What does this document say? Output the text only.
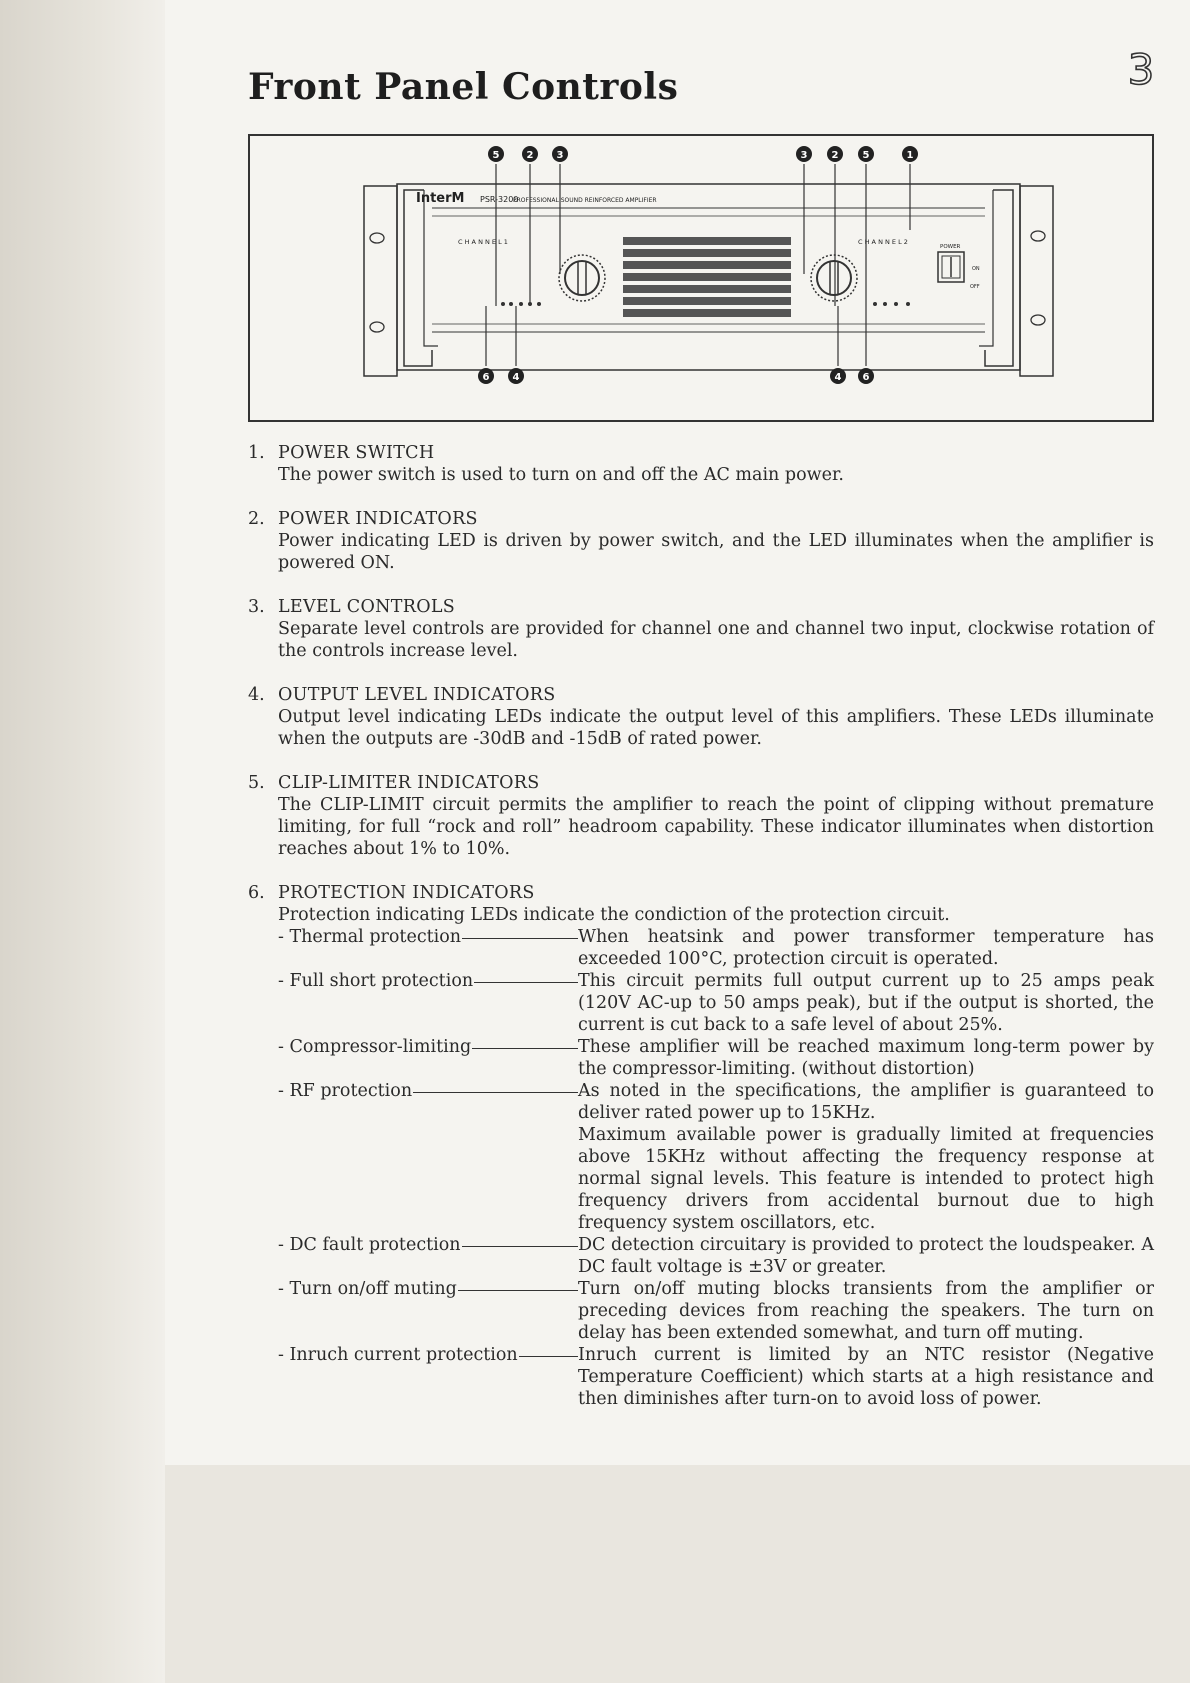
Front Panel Controls	3
InterM PSR-3200
PROFESSIONAL SOUND REINFORCED AMPLIFIER
C H A N N E L 1	C H A N N E L 2
POWER
ON
OFF
5	2 3	3 2 5	1
6 4	4 6
1. POWER SWITCH
The power switch is used to turn on and off the AC main power.
2. POWER INDICATORS
Power indicating LED is driven by power switch, and the LED illuminates when the amplifier is powered ON.
3. LEVEL CONTROLS
Separate level controls are provided for channel one and channel two input, clockwise rotation of the controls increase level.
4. OUTPUT LEVEL INDICATORS
Output level indicating LEDs indicate the output level of this amplifiers. These LEDs illuminate when the outputs are -30dB and -15dB of rated power.
5. CLIP-LIMITER INDICATORS
The CLIP-LIMIT circuit permits the amplifier to reach the point of clipping without premature limiting, for full “rock and roll” headroom capability. These indicator illuminates when distortion reaches about 1% to 10%.
6. PROTECTION INDICATORS
Protection indicating LEDs indicate the condiction of the protection circuit.
- Thermal protection	When heatsink and power transformer temperature has exceeded 100°C, protection circuit is operated.

- Full short protection	This circuit permits full output current up to 25 amps peak (120V AC-up to 50 amps peak), but if the output is shorted, the current is cut back to a safe level of about 25%.

- Compressor-limiting	These amplifier will be reached maximum long-term power by the compressor-limiting. (without distortion)

- RF protection	As noted in the specifications, the amplifier is guaranteed to deliver rated power up to 15KHz.

Maximum available power is gradually limited at frequencies above 15KHz without affecting the frequency response at normal signal levels. This feature is intended to protect high frequency drivers from accidental burnout due to high frequency system oscillators, etc.

- DC fault protection	DC detection circuitary is provided to protect the loudspeaker. A DC fault voltage is ±3V or greater.

- Turn on/off muting	Turn on/off muting blocks transients from the amplifier or preceding devices from reaching the speakers. The turn on delay has been extended somewhat, and turn off muting.

- Inruch current protection	Inruch current is limited by an NTC resistor (Negative Temperature Coefficient) which starts at a high resistance and then diminishes after turn-on to avoid loss of power.
